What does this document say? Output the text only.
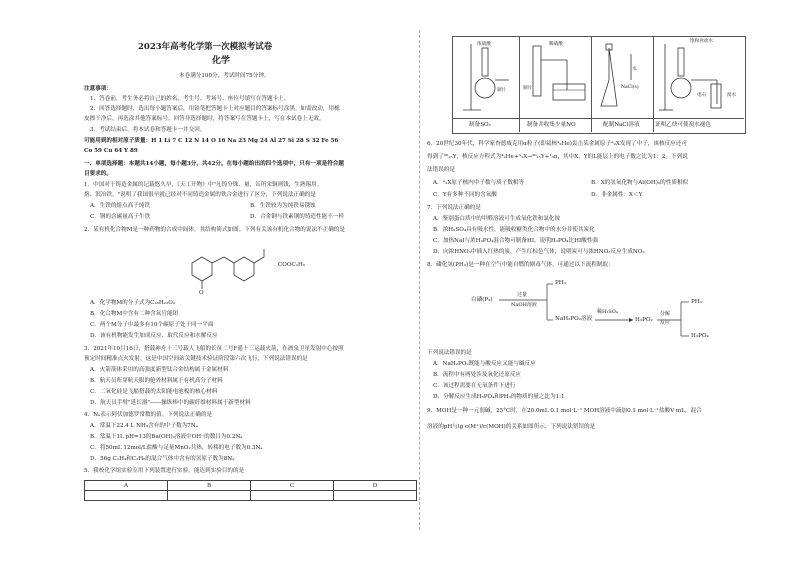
2023年高考化学第一次模拟考试卷
化学
本卷满分100分，考试时间75分钟。
注意事项：
1．答卷前，考生务必将自己的姓名、考生号、考场号、座位号填写在答题卡上。
2．回答选择题时，选出每小题答案后，用铅笔把答题卡上对应题目的答案标号涂黑。如需改动，用橡
皮擦干净后，再选涂其他答案标号。回答非选择题时，将答案写在答题卡上，写在本试卷上无效。
3．考试结束后，将本试卷和答题卡一并交回。
可能用到的相对原子质量：H 1 Li 7 C 12 N 14 O 16 Na 23 Mg 24 Al 27 Si 28 S 32 Fe 56
Co 59 Cu 64 Y 89
一、单项选择题：本题共14小题，每小题3分，共42分。在每小题给出的四个选项中，只有一项是符合题
目要求的。
1．中国对于铸造金属的记载悠久早，《天工开物》中"凡铸分铢、量，缶所宋铜则钱，生熟锡用。
熔、泯冶铁，"说明了我国很早就已经对不同铸造金属的铁合金进行了区分，下列说法正确的是
A．生铁的熔点高于纯铁	B．生铁较为为纯铁易锈蚀
C．钢的含碳量高于生铁	D．合金钢与铁素钢的铸造性能不一样
2．某有机化合物M是一种药物的合成中间体，其结构简式如图。下列有关该有机化合物的说法不正确的是
COOC₂H₅
O
A．化学物M的分子式为C₁₈H₂₂O₃
B．化合物M中含有二种含氧官能团
C．两个M分子中最多有10个碳原子处于同一平面
D．该有机物能发生加成反应、取代反应和水解反应
3．2021年10月16日，搭载神舟十三号载人飞船的长征二号F遥十三运载火箭，在酒泉卫星发射中心按照
预定时间精准点火发射，这是中国空间站关键技术验证阶段第六次飞行，下列说法错误的是
A．火箭箭体采用的高强度新型钛合金结构属于金属材料
B．航天员所穿航天服的舱外材料属于有机高分子材料
C．二氧化硅是飞船搭载的太阳能电池板的核心材料
D．航天员手臂"延长器"——操纵棒中的碳纤维材料属于新型材料
4．Nₐ表示阿伏加德罗常数的值。下列说法正确的是
A．常温下22.4 L NH₃含有的中子数为7Nₐ
B．常温下1L pH=13的Ba(OH)₂溶液中OH⁻的数目为0.2Nₐ
C．将50mL 12mol/L盐酸与足量MnO₂共热，转移的电子数为0.3Nₐ
D．56g C₂H₄和C₃H₆的混合气体中含有的氢原子数为8Nₐ
5．我校化学组实验室用下列装置进行实验，能达到实验目的的是
A	B	C	D

浓硫酸
铜片
稀硝酸
铜片	NaCl(s)
水
饱和食盐水
电石	溴水
制备SO₂	制备并收集少量NO	配制NaCl溶液	证明乙炔可使溴水褪色
6．20世纪30年代，科学家查德威克用α粒子(即氦核⁴₂He)轰击某金属原子ᴬ₂X发现了中子，该核反应还可
得到了³⁰₁₅Y，核反应方程式为⁴₂He+ᴬ₂X→³⁰₁₅Y+¹₀n，其中X、Y的L能层上的电子数之比为1：2。下列说
法错误的是
A．ᴬ₂X原子核内中子数与质子数相等	B．X的氢氧化物与Al(OH)₃的性质相似
C．Y有多种不同的含氧酸	D．非金属性：X＜Y
7．下列说法正确的是
A．鉴别蛋白质中的甲醛溶液可生成氧化铁和氯化铵
B．浓H₂SO₄具有吸水性，能吸收糖类化合物中的水分并使其炭化
C．加热NaI与浓H₃PO₄混合物可制备HI，说明H₃PO₄比HI酸性强
D．向浓HNO₃中插入红热的炭，产生红棕色气体，说明炭可与浓HNO₃反应生成NO₂
8．磷化氢(PH₃)是一种在空气中能自燃的剧毒气体，可通过以下流程制取：
白磷(P₄)
过量
NaOH溶液
PH₃
NaH₂PO₂溶液
稀H₂SO₄
H₃PO₂
分解
反应
PH₃
H₃PO₄
下列说法错误的是
A．NaH₂PO₂既能与酸反应又能与碱反应
B．流程中有两处涉及氧化还原反应
C．该过程需要在无氧条件下进行
D．分解反应生成H₃PO₄和PH₃的物质的量之比为1:1
9．MOH是一种一元弱碱，25°C时，在20.0mL 0.1 mol·L⁻¹ MOH溶液中滴加0.1 mol·L⁻¹盐酸V mL，混合
溶液的pH与lg c(M⁺)/c(MOH)的关系如图所示，下列说法错误的是
